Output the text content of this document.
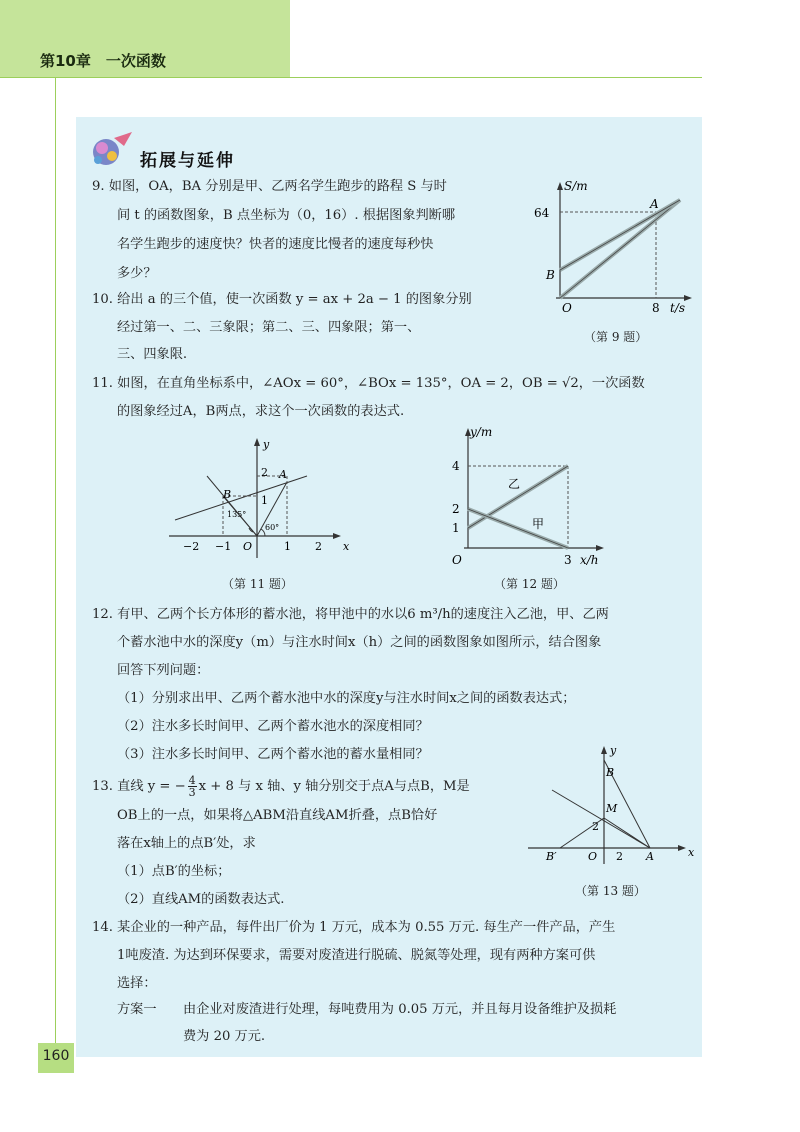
第10章　一次函数
160
拓展与延伸
9. 如图，OA，BA 分别是甲、乙两名学生跑步的路程 S 与时
间 t 的函数图象，B 点坐标为（0，16）. 根据图象判断哪
名学生跑步的速度快？快者的速度比慢者的速度每秒快
多少？
S/m
64
B
A
O	8 t/s
（第 9 题）
10. 给出 a 的三个值，使一次函数 y = ax + 2a − 1 的图象分别
经过第一、二、三象限；第二、三、四象限；第一、
三、四象限.
11. 如图，在直角坐标系中，∠AOx = 60°，∠BOx = 135°，OA = 2，OB = √2，一次函数
的图象经过A，B两点，求这个一次函数的表达式.
y
x
A
B
O
−2 −1	1 2
1
2
135°
60°
（第 11 题）
y/m
4
2
1
O	3 x/h
乙
甲
（第 12 题）
12. 有甲、乙两个长方体形的蓄水池，将甲池中的水以6 m³/h的速度注入乙池，甲、乙两
个蓄水池中水的深度y（m）与注水时间x（h）之间的函数图象如图所示，结合图象
回答下列问题：
（1）分别求出甲、乙两个蓄水池中水的深度y与注水时间x之间的函数表达式；
（2）注水多长时间甲、乙两个蓄水池水的深度相同？
（3）注水多长时间甲、乙两个蓄水池的蓄水量相同？
13. 直线 y = − $\frac{4}{3}$ x + 8 与 x 轴、y 轴分别交于点A与点B，M是
OB上的一点，如果将△ABM沿直线AM折叠，点B恰好
落在x轴上的点B′处，求
（1）点B′的坐标；
（2）直线AM的函数表达式.
y
x
B
M
2
O 2 A
B′
（第 13 题）
14. 某企业的一种产品，每件出厂价为 1 万元，成本为 0.55 万元. 每生产一件产品，产生
1吨废渣. 为达到环保要求，需要对废渣进行脱硫、脱氮等处理，现有两种方案可供
选择：
方案一 由企业对废渣进行处理，每吨费用为 0.05 万元，并且每月设备维护及损耗
费为 20 万元.
